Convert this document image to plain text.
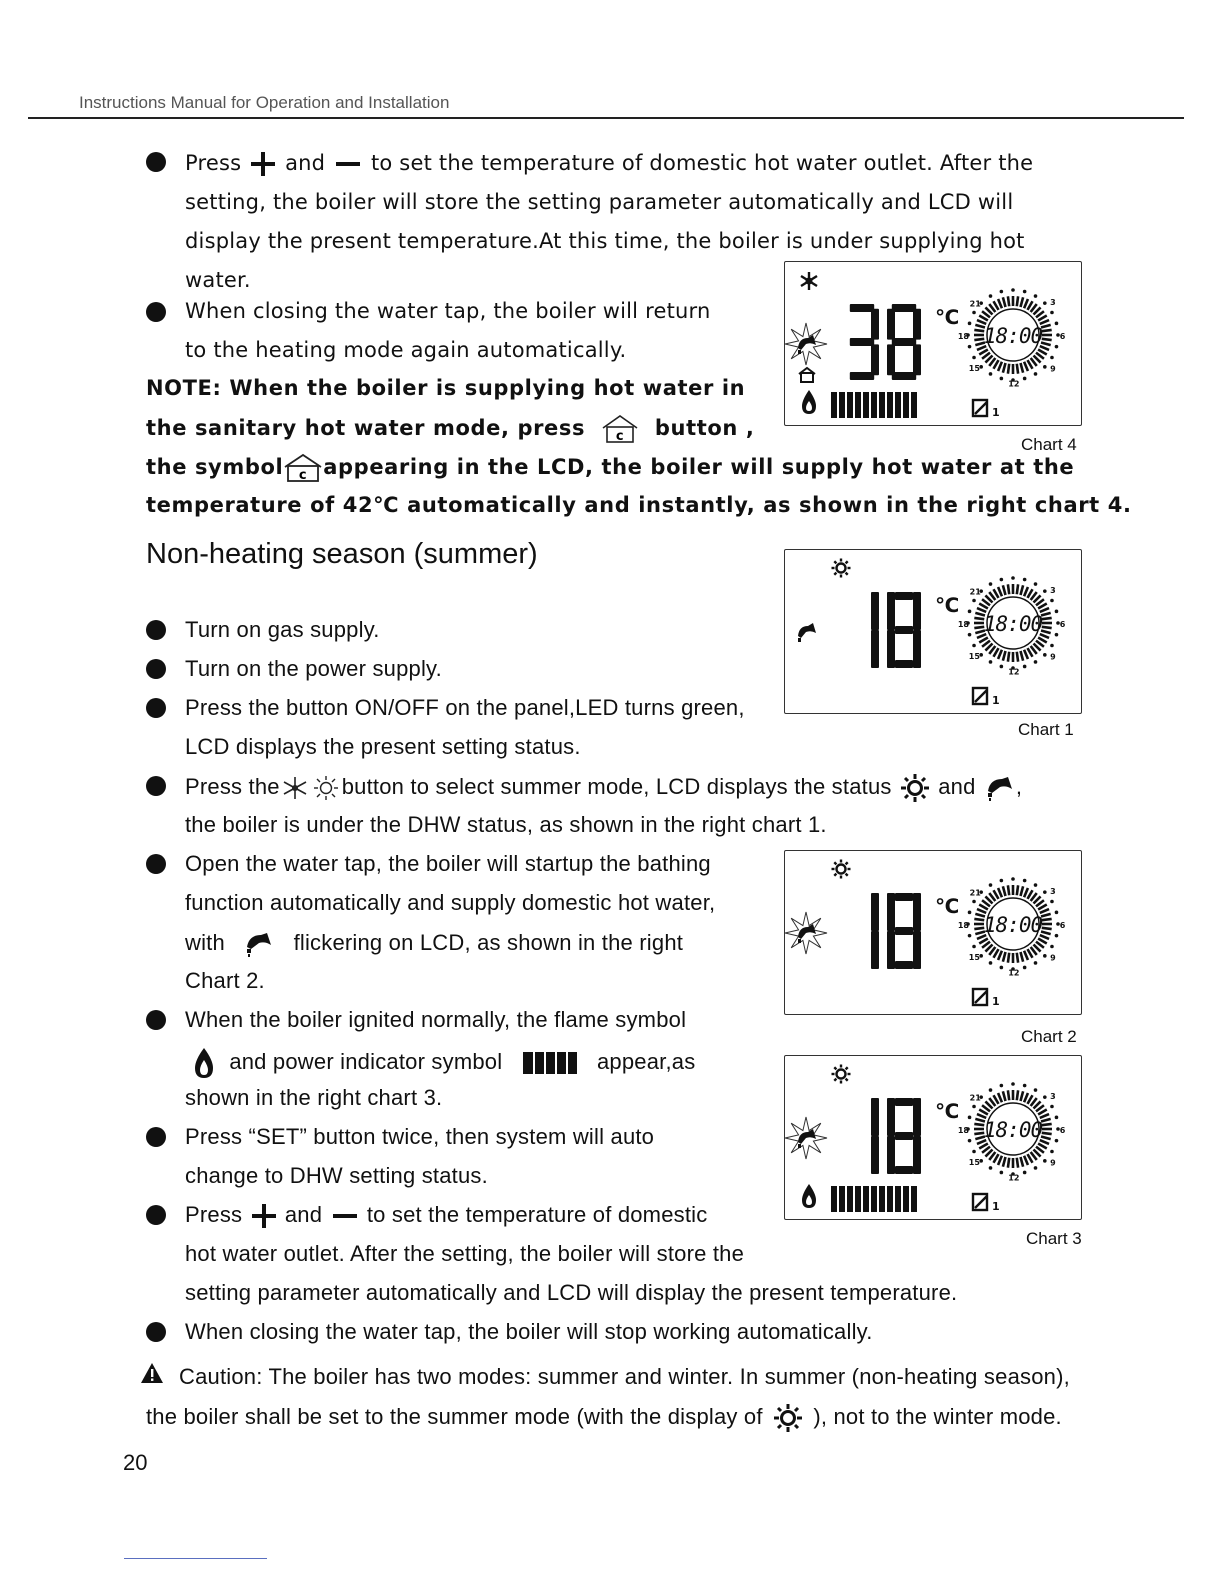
Instructions Manual for Operation and Installation
Press and to set the temperature of domestic hot water outlet. After the
setting, the boiler will store the setting parameter automatically and LCD will
display the present temperature.At this time, the boiler is under supplying hot
water.
When closing the water tap, the boiler will return
to the heating mode again automatically.
NOTE: When the boiler is supplying hot water in
the sanitary hot water mode, press c button ,
the symbol c appearing in the LCD, the boiler will supply hot water at the
temperature of 42℃ automatically and instantly, as shown in the right chart 4.
Non-heating season (summer)
Turn on gas supply.
Turn on the power supply.
Press the button ON/OFF on the panel,LED turns green,
LCD displays the present setting status.
Press the	button to select summer mode, LCD displays the status and ,
the boiler is under the DHW status, as shown in the right chart 1.
Open the water tap, the boiler will startup the bathing
function automatically and supply domestic hot water,
with	flickering on LCD, as shown in the right
Chart 2.
When the boiler ignited normally, the flame symbol
and power indicator symbol	appear,as
shown in the right chart 3.
Press “SET” button twice, then system will auto
change to DHW setting status.
Press and to set the temperature of domestic
hot water outlet. After the setting, the boiler will store the
setting parameter automatically and LCD will display the present temperature.
When closing the water tap, the boiler will stop working automatically.
Caution: The boiler has two modes: summer and winter. In summer (non-heating season),
the boiler shall be set to the summer mode (with the display of ), not to the winter mode.
20
℃
18:00
21	3
6
9
12
15
18
1
Chart 4
℃
18:00
21	3
6
9
12
15
18
1
Chart 1
℃
18:00
21	3
6
9
12
15
18
1
Chart 2
℃
18:00
21	3
6
9
12
15
18
1
Chart 3
